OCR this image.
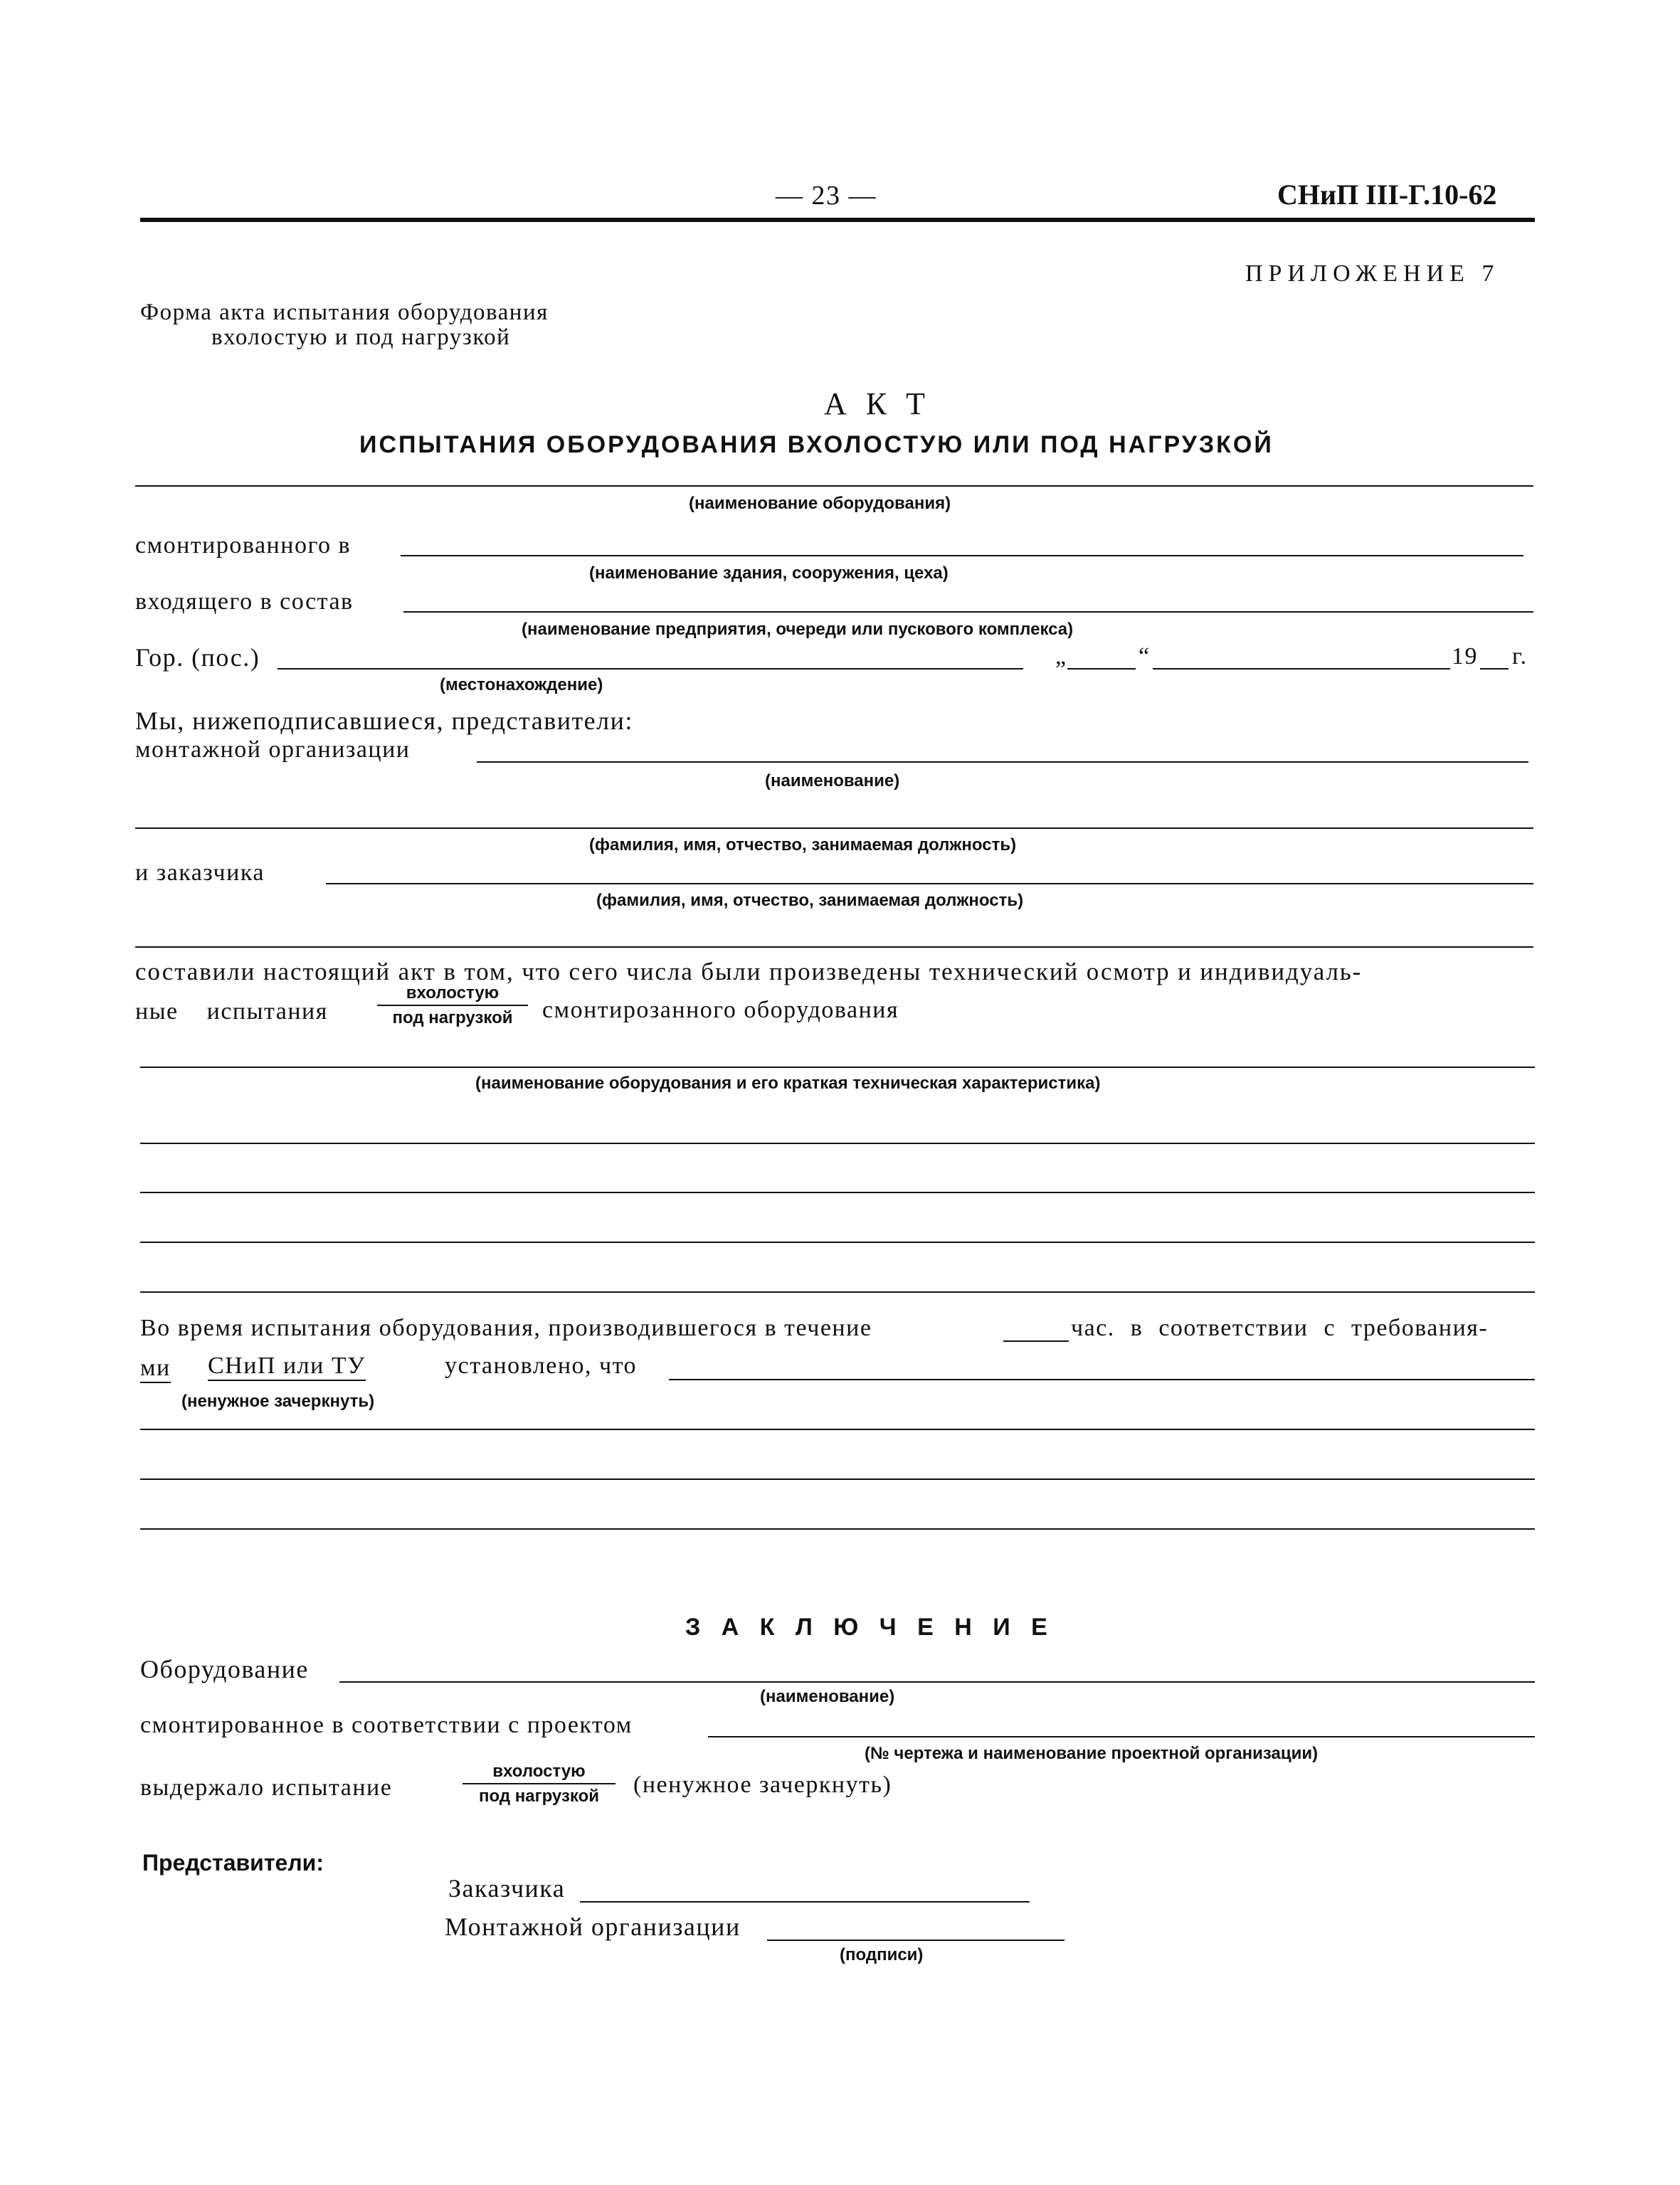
— 23 —	СНиП III-Г.10-62
ПРИЛОЖЕНИЕ 7
Форма акта испытания оборудования
вхолостую и под нагрузкой
А К Т
ИСПЫТАНИЯ ОБОРУДОВАНИЯ ВХОЛОСТУЮ ИЛИ ПОД НАГРУЗКОЙ
(наименование оборудования)
смонтированного в
(наименование здания, сооружения, цеха)
входящего в состав
(наименование предприятия, очереди или пускового комплекса)
Гор. (пос.)	„	“	19 г.
(местонахождение)
Мы, нижеподписавшиеся, представители:
монтажной организации
(наименование)
(фамилия, имя, отчество, занимаемая должность)
и заказчика
(фамилия, имя, отчество, занимаемая должность)
составили настоящий акт в том, что сего числа были произведены технический осмотр и индивидуаль-
ные испытания
вхолостую
под нагрузкой	смонтирозанного оборудования
(наименование оборудования и его краткая техническая характеристика)
Во время испытания оборудования, производившегося в течение	час. в соответствии с требования-
ми СНиП или ТУ	установлено, что
(ненужное зачеркнуть)
З А К Л Ю Ч Е Н И Е
Оборудование
(наименование)
смонтированное в соответствии с проектом
(№ чертежа и наименование проектной организации)
выдержало испытание
вхолостую
под нагрузкой	(ненужное зачеркнуть)
Представители:
Заказчика
Монтажной организации
(подписи)
